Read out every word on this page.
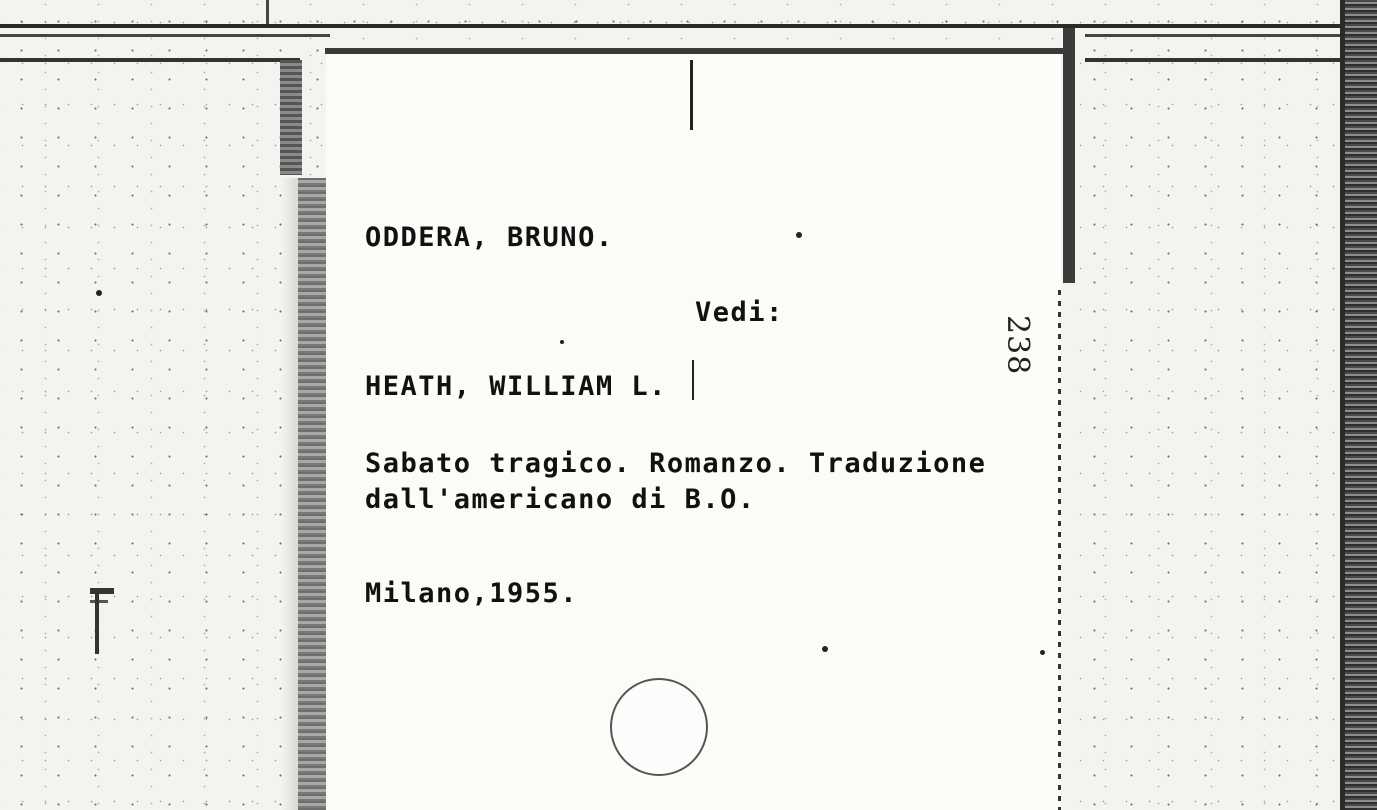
ODDERA, BRUNO.
Vedi:
HEATH, WILLIAM L.
Sabato tragico. Romanzo. Traduzione
dall'americano di B.O.
Milano,1955.
238
